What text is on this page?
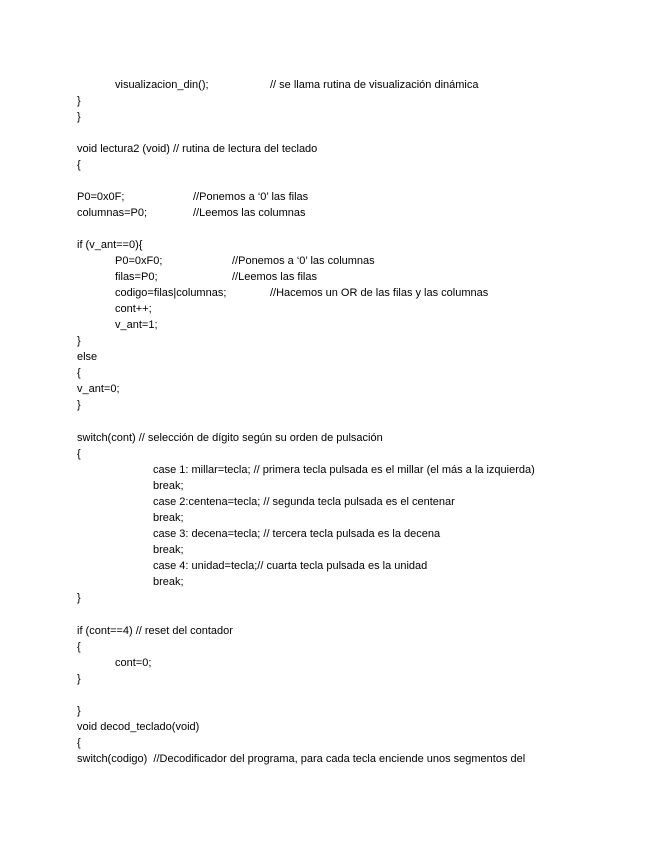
visualizacion_din();	// se llama rutina de visualización dinámica
}
}
void lectura2 (void) // rutina de lectura del teclado
{
P0=0x0F;	//Ponemos a ‘0’ las filas
columnas=P0;	//Leemos las columnas
if (v_ant==0){
P0=0xF0;	//Ponemos a ‘0’ las columnas
filas=P0;	//Leemos las filas
codigo=filas|columnas;	//Hacemos un OR de las filas y las columnas
cont++;
v_ant=1;
}
else
{
v_ant=0;
}
switch(cont) // selección de dígito según su orden de pulsación
{
case 1: millar=tecla; // primera tecla pulsada es el millar (el más a la izquierda)
break;
case 2:centena=tecla; // segunda tecla pulsada es el centenar
break;
case 3: decena=tecla; // tercera tecla pulsada es la decena
break;
case 4: unidad=tecla;// cuarta tecla pulsada es la unidad
break;
}
if (cont==4) // reset del contador
{
cont=0;
}
}
void decod_teclado(void)
{
switch(codigo)  //Decodificador del programa, para cada tecla enciende unos segmentos del
